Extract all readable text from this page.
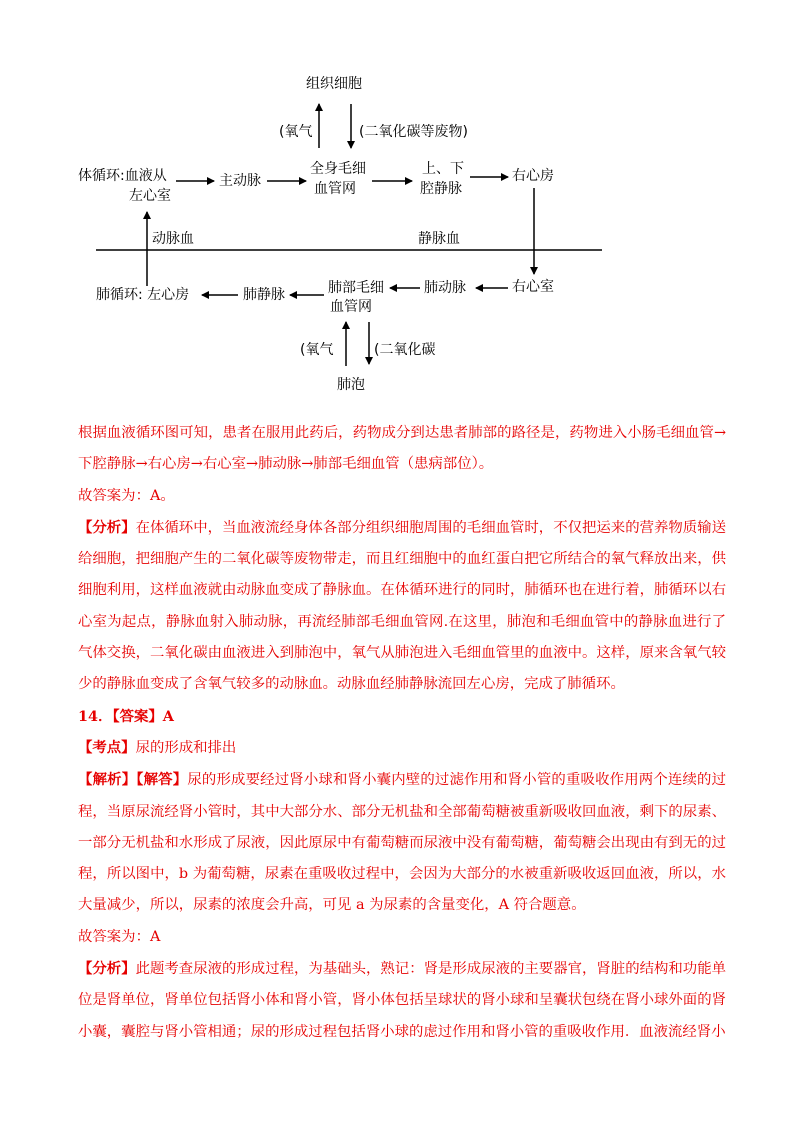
组织细胞
(氧气	(二氧化碳等废物)
体循环:血液从
左心室
主动脉
全身毛细
血管网
上、下
腔静脉
右心房
动脉血	静脉血
右心室
肺动脉
肺部毛细
血管网
肺静脉
肺循环: 左心房
(氧气	(二氧化碳
肺泡

根据血液循环图可知，患者在服用此药后，药物成分到达患者肺部的路径是，药物进入小肠毛细血管→下腔静脉→右心房→右心室→肺动脉→肺部毛细血管（患病部位）。

故答案为：A。

【分析】在体循环中，当血液流经身体各部分组织细胞周围的毛细血管时，不仅把运来的营养物质输送给细胞，把细胞产生的二氧化碳等废物带走，而且红细胞中的血红蛋白把它所结合的氧气释放出来，供细胞利用，这样血液就由动脉血变成了静脉血。在体循环进行的同时，肺循环也在进行着，肺循环以右心室为起点，静脉血射入肺动脉，再流经肺部毛细血管网.在这里，肺泡和毛细血管中的静脉血进行了气体交换，二氧化碳由血液进入到肺泡中，氧气从肺泡进入毛细血管里的血液中。这样，原来含氧气较少的静脉血变成了含氧气较多的动脉血。动脉血经肺静脉流回左心房，完成了肺循环。

14．【答案】A

【考点】尿的形成和排出

【解析】【解答】尿的形成要经过肾小球和肾小囊内壁的过滤作用和肾小管的重吸收作用两个连续的过程，当原尿流经肾小管时，其中大部分水、部分无机盐和全部葡萄糖被重新吸收回血液，剩下的尿素、一部分无机盐和水形成了尿液，因此原尿中有葡萄糖而尿液中没有葡萄糖，葡萄糖会出现由有到无的过程，所以图中，b 为葡萄糖，尿素在重吸收过程中，会因为大部分的水被重新吸收返回血液，所以，水大量减少，所以，尿素的浓度会升高，可见 a 为尿素的含量变化，A 符合题意。

故答案为：A

【分析】此题考查尿液的形成过程，为基础头，熟记：肾是形成尿液的主要器官，肾脏的结构和功能单位是肾单位，肾单位包括肾小体和肾小管，肾小体包括呈球状的肾小球和呈囊状包绕在肾小球外面的肾小囊，囊腔与肾小管相通；尿的形成过程包括肾小球的虑过作用和肾小管的重吸收作用．血液流经肾小
